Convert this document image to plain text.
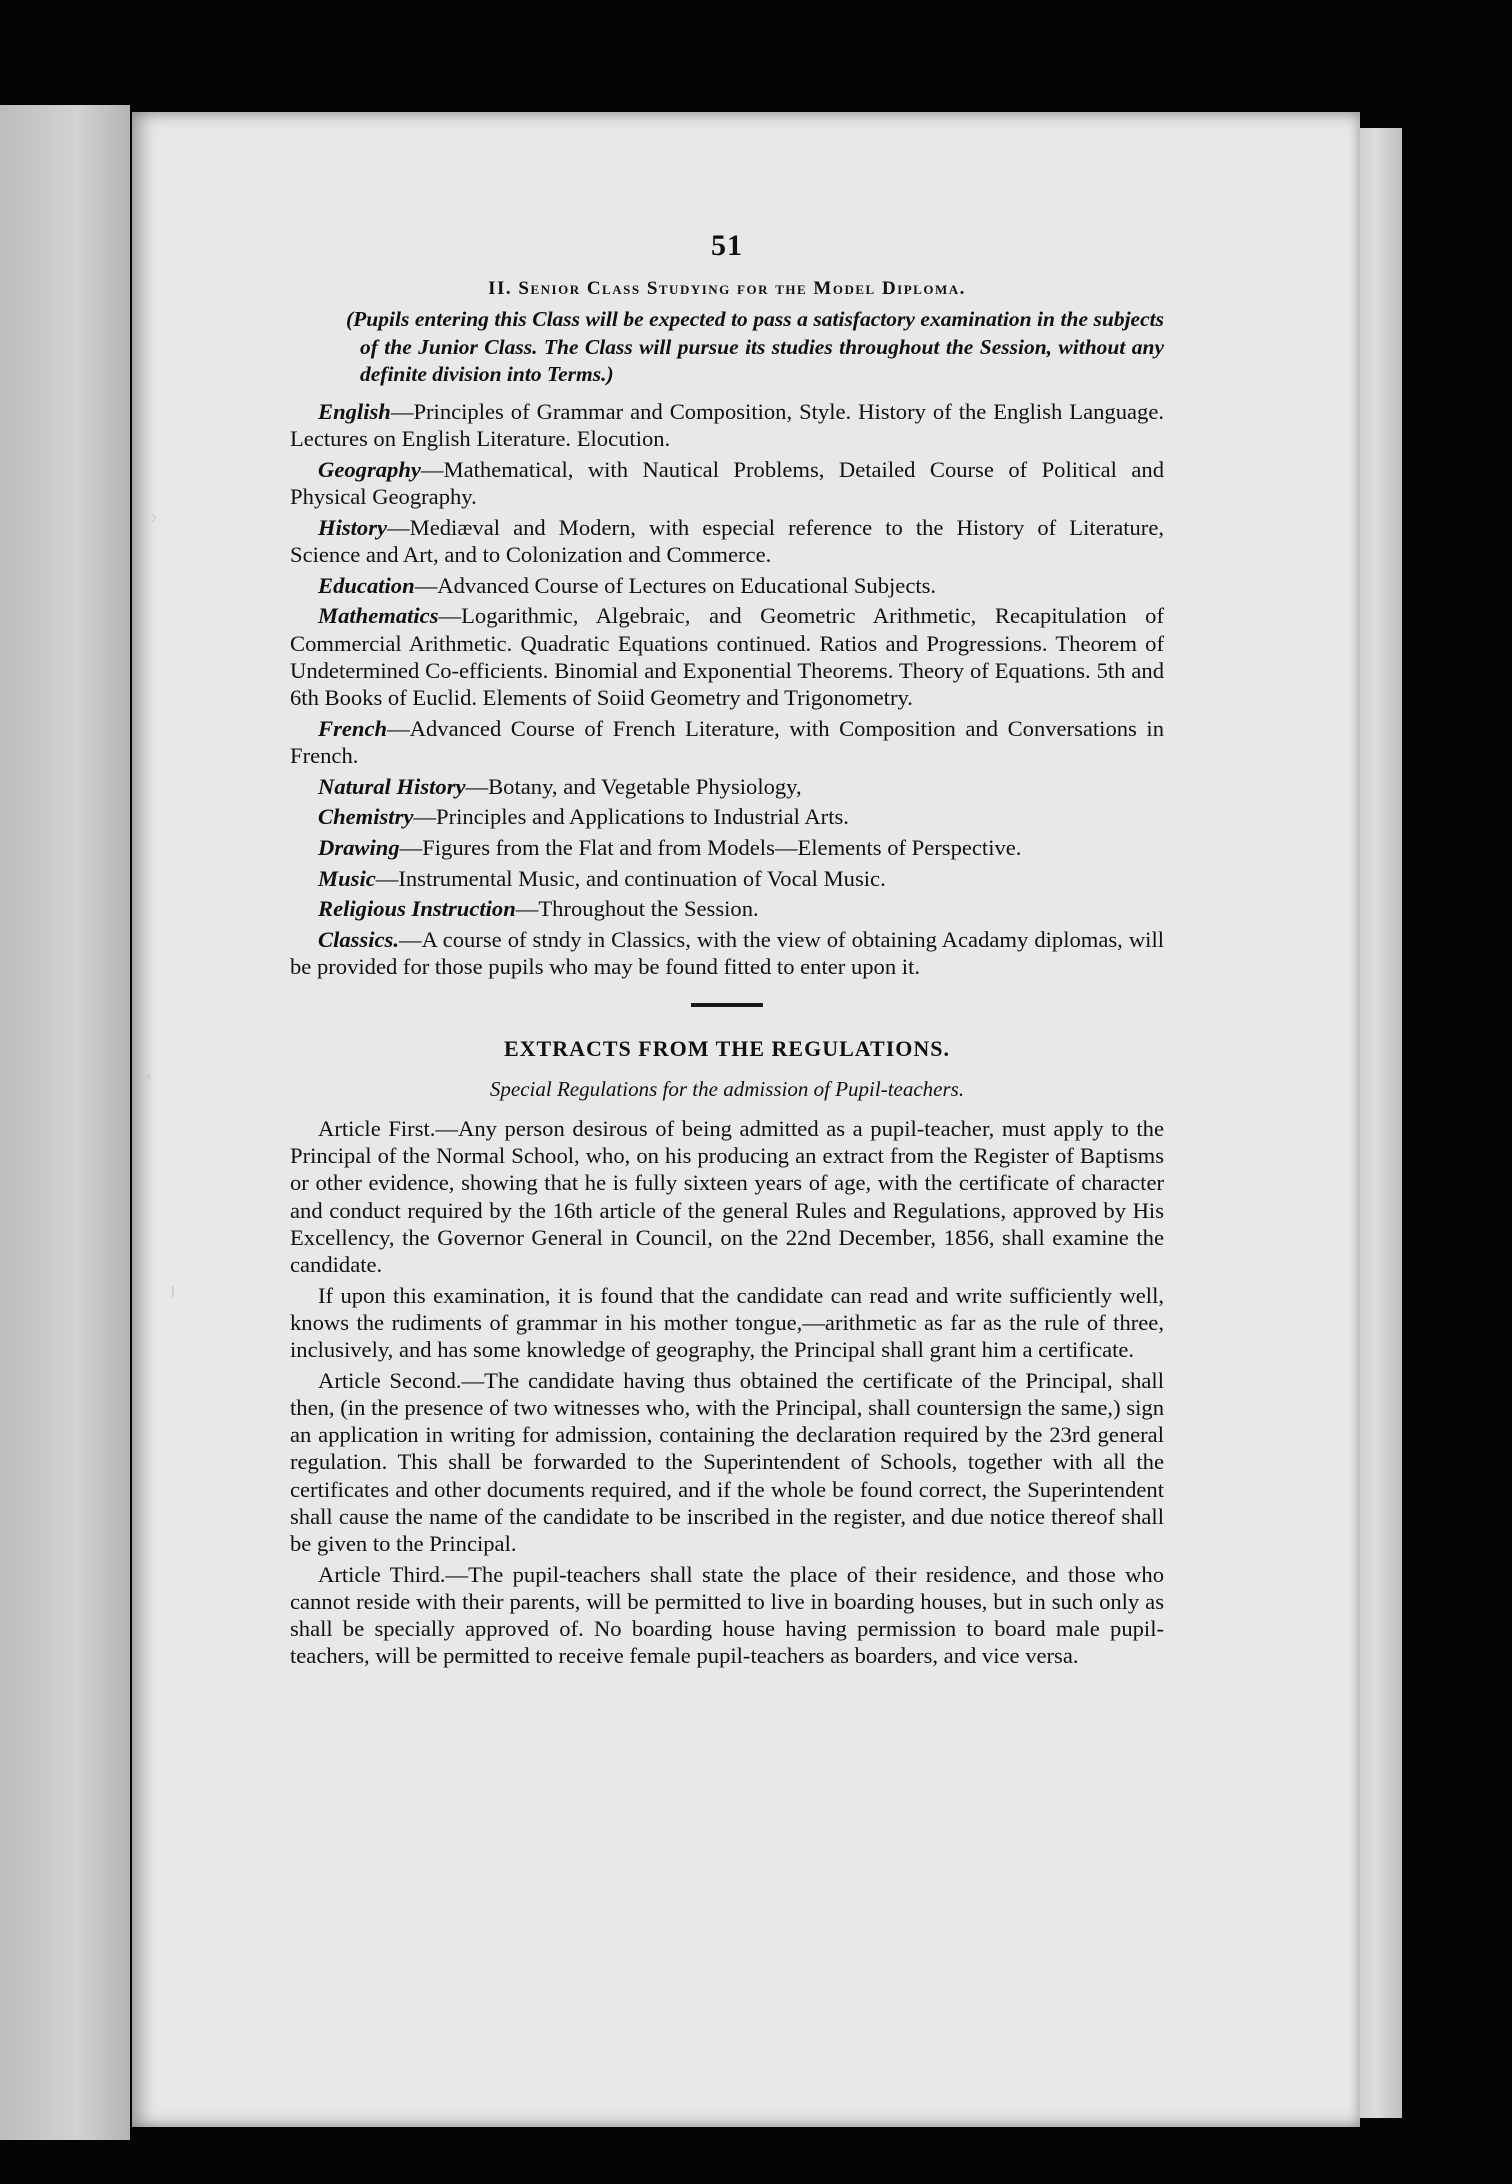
›
•
ı
51
II. Senior Class Studying for the Model Diploma.
(Pupils entering this Class will be expected to pass a satisfactory examination in the subjects of the Junior Class. The Class will pursue its studies throughout the Session, without any definite division into Terms.)

English—Principles of Grammar and Composition, Style. History of the English Language. Lectures on English Literature. Elocution.

Geography—Mathematical, with Nautical Problems, Detailed Course of Political and Physical Geography.

History—Mediæval and Modern, with especial reference to the History of Literature, Science and Art, and to Colonization and Commerce.

Education—Advanced Course of Lectures on Educational Subjects.

Mathematics—Logarithmic, Algebraic, and Geometric Arithmetic, Recapitulation of Commercial Arithmetic. Quadratic Equations continued. Ratios and Progressions. Theorem of Undetermined Co-efficients. Binomial and Exponential Theorems. Theory of Equations. 5th and 6th Books of Euclid. Elements of Soiid Geometry and Trigonometry.

French—Advanced Course of French Literature, with Composition and Conversations in French.

Natural History—Botany, and Vegetable Physiology,

Chemistry—Principles and Applications to Industrial Arts.

Drawing—Figures from the Flat and from Models—Elements of Perspective.

Music—Instrumental Music, and continuation of Vocal Music.

Religious Instruction—Throughout the Session.

Classics.—A course of stndy in Classics, with the view of obtaining Acadamy diplomas, will be provided for those pupils who may be found fitted to enter upon it.

EXTRACTS FROM THE REGULATIONS.
Special Regulations for the admission of Pupil-teachers.

Article First.—Any person desirous of being admitted as a pupil-teacher, must apply to the Principal of the Normal School, who, on his producing an extract from the Register of Baptisms or other evidence, showing that he is fully sixteen years of age, with the certificate of character and conduct required by the 16th article of the general Rules and Regulations, approved by His Excellency, the Governor General in Council, on the 22nd December, 1856, shall examine the candidate.

If upon this examination, it is found that the candidate can read and write sufficiently well, knows the rudiments of grammar in his mother tongue,—arithmetic as far as the rule of three, inclusively, and has some knowledge of geography, the Principal shall grant him a certificate.

Article Second.—The candidate having thus obtained the certificate of the Principal, shall then, (in the presence of two witnesses who, with the Principal, shall countersign the same,) sign an application in writing for admission, containing the declaration required by the 23rd general regulation. This shall be forwarded to the Superintendent of Schools, together with all the certificates and other documents required, and if the whole be found correct, the Superintendent shall cause the name of the candidate to be inscribed in the register, and due notice thereof shall be given to the Principal.

Article Third.—The pupil-teachers shall state the place of their residence, and those who cannot reside with their parents, will be permitted to live in boarding houses, but in such only as shall be specially approved of. No boarding house having permission to board male pupil-teachers, will be permitted to receive female pupil-teachers as boarders, and vice versa.
